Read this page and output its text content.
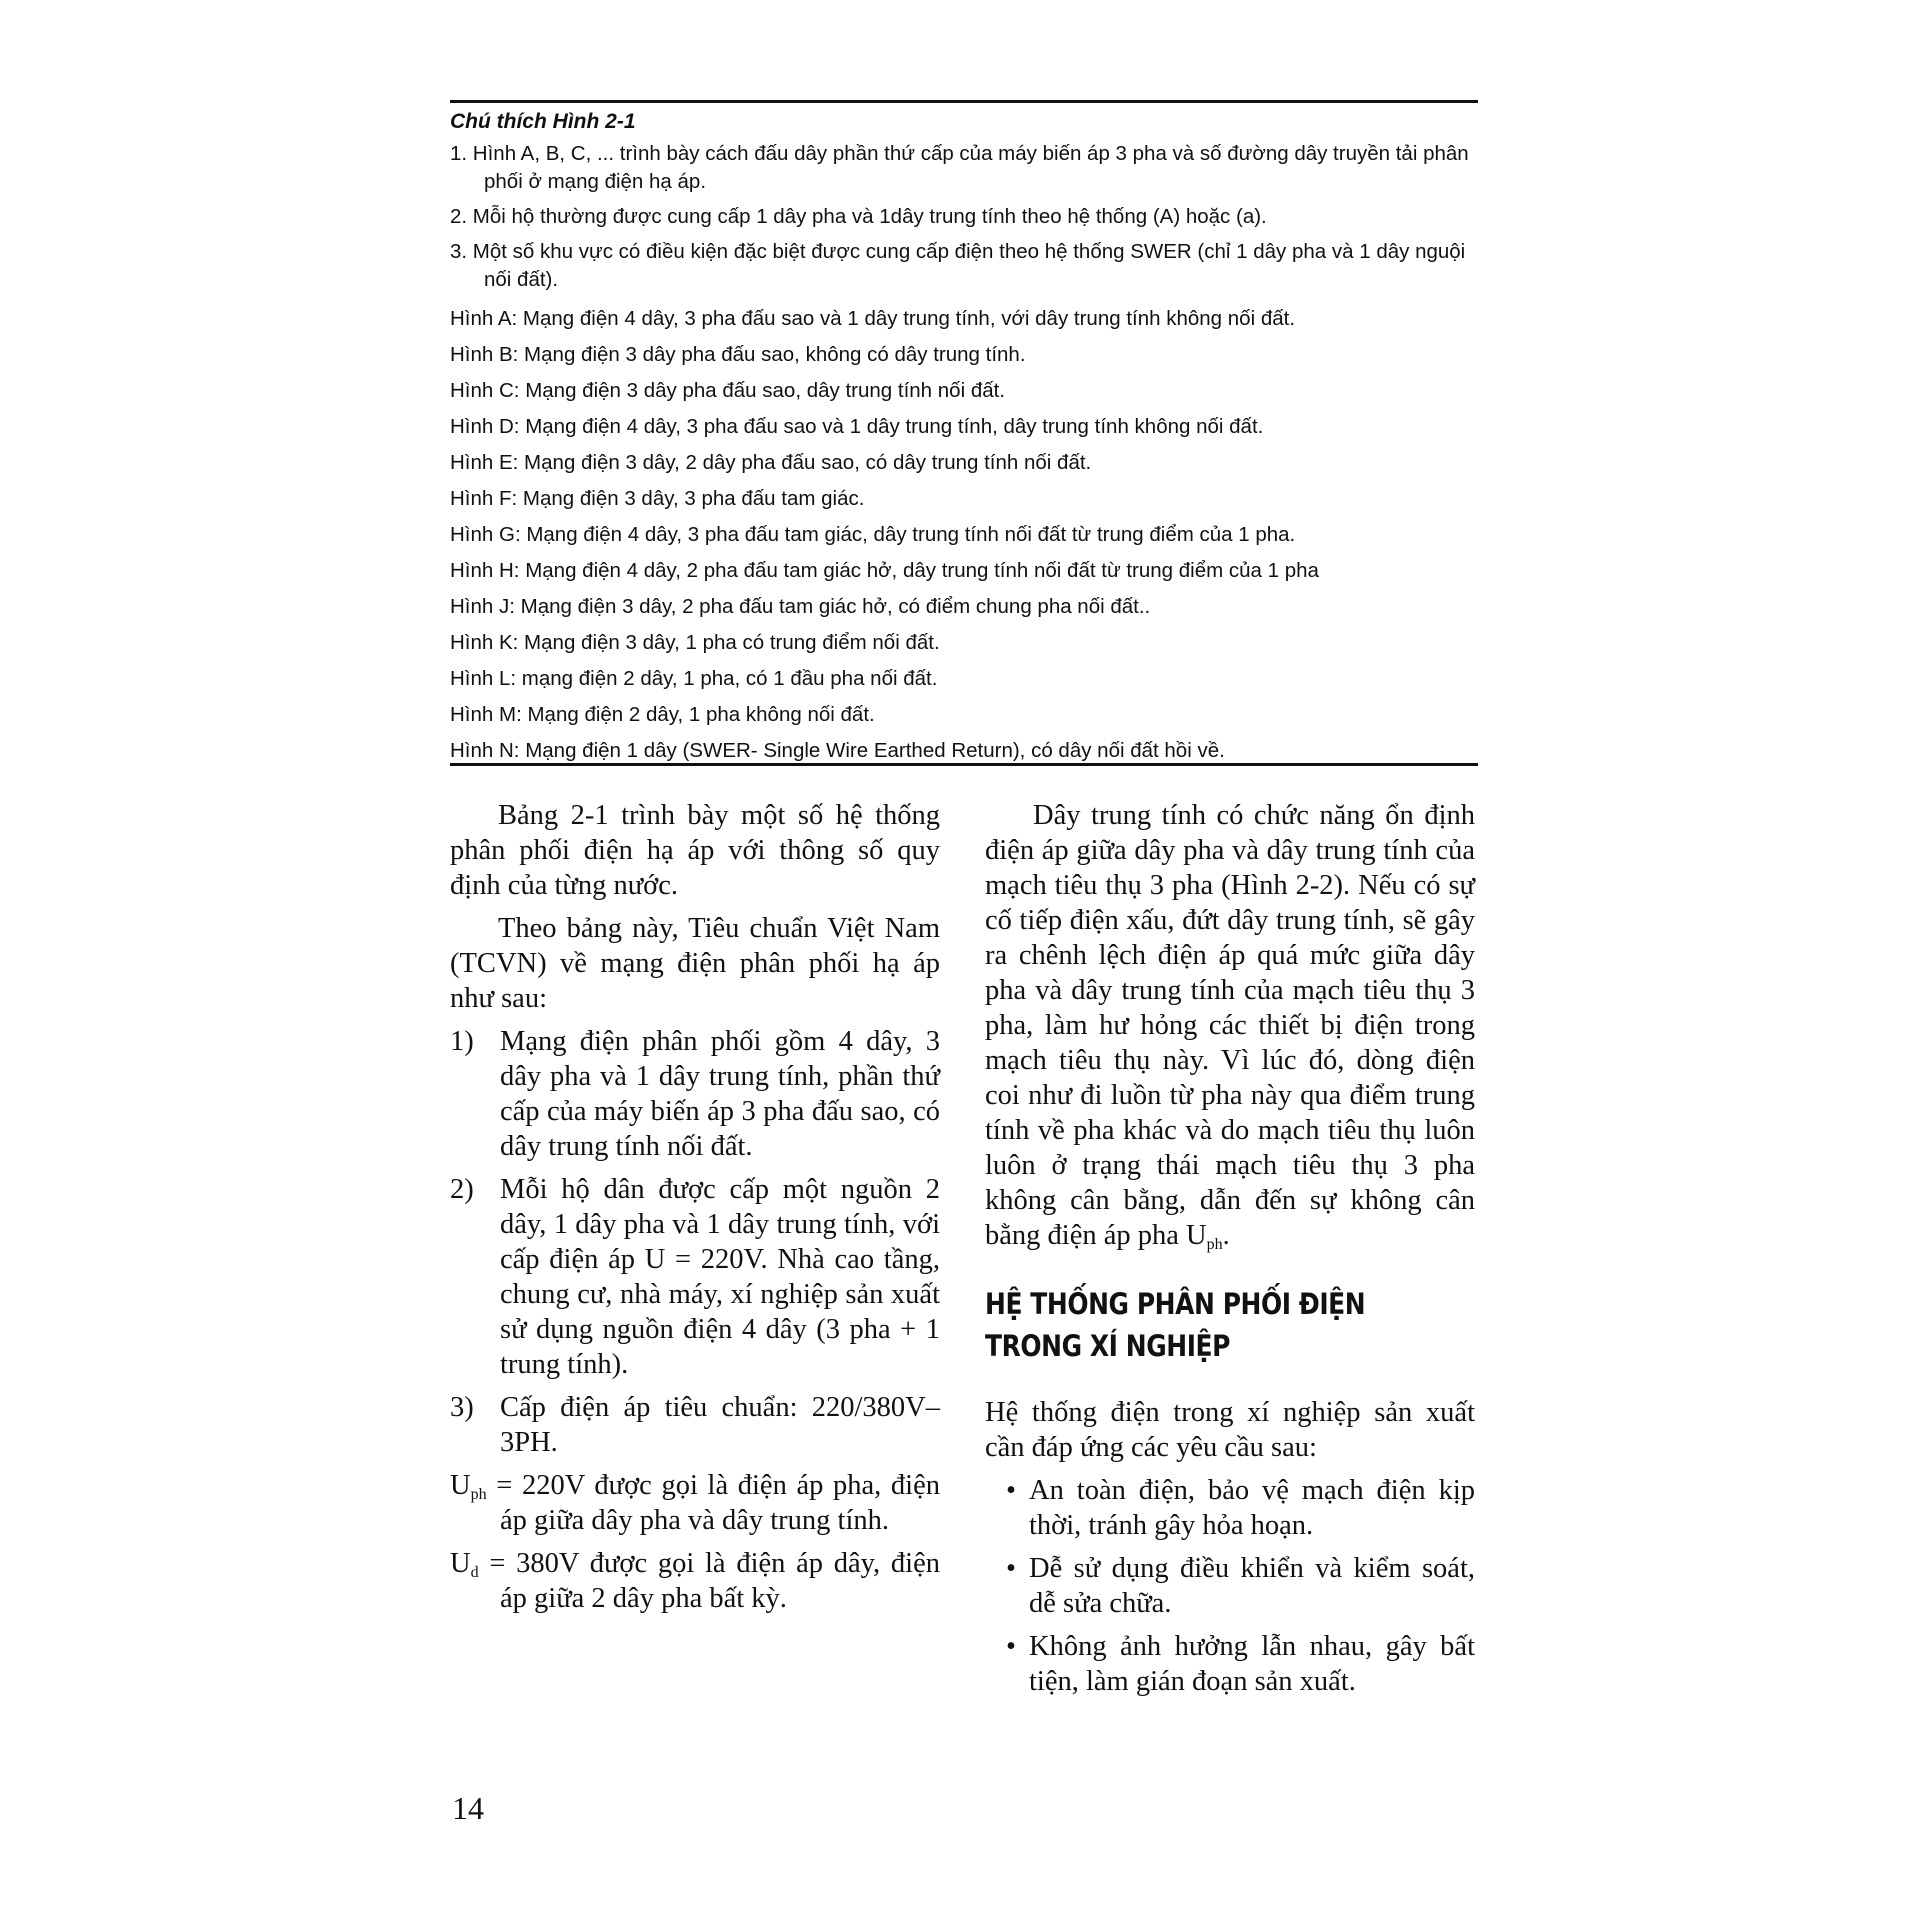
Chú thích Hình 2-1

1. Hình A, B, C, ... trình bày cách đấu dây phần thứ cấp của máy biến áp 3 pha và số đường dây truyền tải phân phối ở mạng điện hạ áp.

2. Mỗi hộ thường được cung cấp 1 dây pha và 1dây trung tính theo hệ thống (A) hoặc (a).

3. Một số khu vực có điều kiện đặc biệt được cung cấp điện theo hệ thống SWER (chỉ 1 dây pha và 1 dây nguội nối đất).

Hình A: Mạng điện 4 dây, 3 pha đấu sao và 1 dây trung tính, với dây trung tính không nối đất.

Hình B: Mạng điện 3 dây pha đấu sao, không có dây trung tính.

Hình C: Mạng điện 3 dây pha đấu sao, dây trung tính nối đất.

Hình D: Mạng điện 4 dây, 3 pha đấu sao và 1 dây trung tính, dây trung tính không nối đất.

Hình E: Mạng điện 3 dây, 2 dây pha đấu sao, có dây trung tính nối đất.

Hình F: Mạng điện 3 dây, 3 pha đấu tam giác.

Hình G: Mạng điện 4 dây, 3 pha đấu tam giác, dây trung tính nối đất từ trung điểm của 1 pha.

Hình H: Mạng điện 4 dây, 2 pha đấu tam giác hở, dây trung tính nối đất từ trung điểm của 1 pha

Hình J: Mạng điện 3 dây, 2 pha đấu tam giác hở, có điểm chung pha nối đất..

Hình K: Mạng điện 3 dây, 1 pha có trung điểm nối đất.

Hình L: mạng điện 2 dây, 1 pha, có 1 đầu pha nối đất.

Hình M: Mạng điện 2 dây, 1 pha không nối đất.

Hình N: Mạng điện 1 dây (SWER- Single Wire Earthed Return), có dây nối đất hồi về.

Bảng 2-1 trình bày một số hệ thống phân phối điện hạ áp với thông số quy định của từng nước.

Theo bảng này, Tiêu chuẩn Việt Nam (TCVN) về mạng điện phân phối hạ áp như sau:

1) Mạng điện phân phối gồm 4 dây, 3 dây pha và 1 dây trung tính, phần thứ cấp của máy biến áp 3 pha đấu sao, có dây trung tính nối đất.
2) Mỗi hộ dân được cấp một nguồn 2 dây, 1 dây pha và 1 dây trung tính, với cấp điện áp U = 220V. Nhà cao tầng, chung cư, nhà máy, xí nghiệp sản xuất sử dụng nguồn điện 4 dây (3 pha + 1 trung tính).
3) Cấp điện áp tiêu chuẩn: 220/380V–3PH.

$U_{ph} = 220V$ được gọi là điện áp pha, điện áp giữa dây pha và dây trung tính.

$U_d = 380V$ được gọi là điện áp dây, điện áp giữa 2 dây pha bất kỳ.

Dây trung tính có chức năng ổn định điện áp giữa dây pha và dây trung tính của mạch tiêu thụ 3 pha (Hình 2-2). Nếu có sự cố tiếp điện xấu, đứt dây trung tính, sẽ gây ra chênh lệch điện áp quá mức giữa dây pha và dây trung tính của mạch tiêu thụ 3 pha, làm hư hỏng các thiết bị điện trong mạch tiêu thụ này. Vì lúc đó, dòng điện coi như đi luồn từ pha này qua điểm trung tính về pha khác và do mạch tiêu thụ luôn luôn ở trạng thái mạch tiêu thụ 3 pha không cân bằng, dẫn đến sự không cân bằng điện áp pha $U_{ph}$.

HỆ THỐNG PHÂN PHỐI ĐIỆN
TRONG XÍ NGHIỆP

Hệ thống điện trong xí nghiệp sản xuất cần đáp ứng các yêu cầu sau:

• An toàn điện, bảo vệ mạch điện kịp thời, tránh gây hỏa hoạn.
• Dễ sử dụng điều khiển và kiểm soát, dễ sửa chữa.
• Không ảnh hưởng lẫn nhau, gây bất tiện, làm gián đoạn sản xuất.
14
